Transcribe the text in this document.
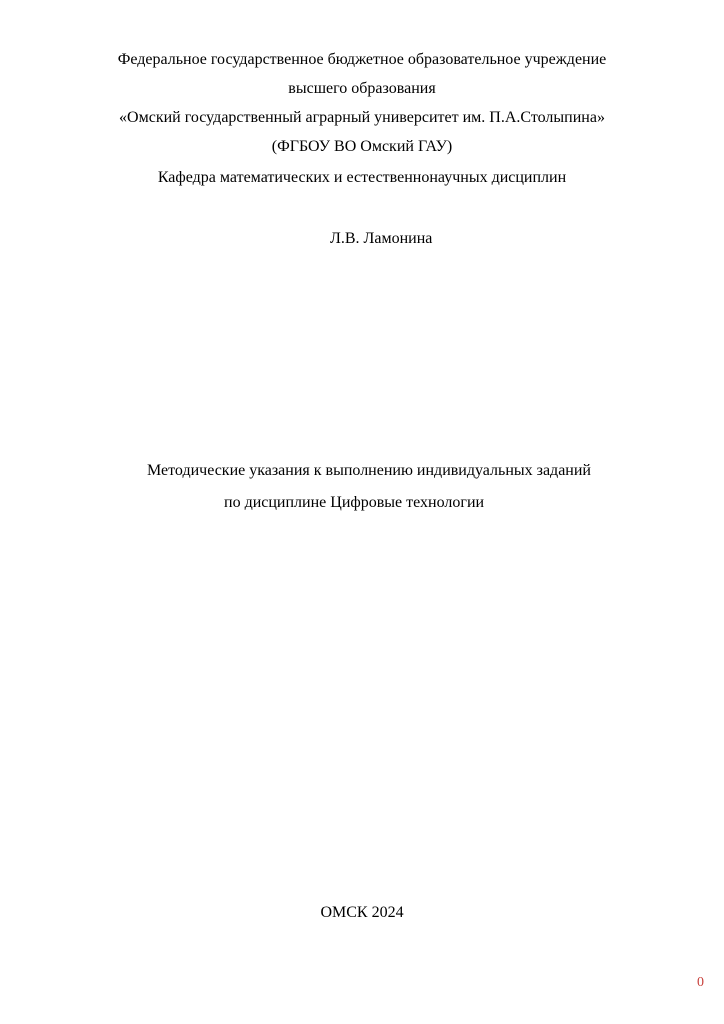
Федеральное государственное бюджетное образовательное учреждение
высшего образования
«Омский государственный аграрный университет им. П.А.Столыпина»
(ФГБОУ ВО Омский ГАУ)
Кафедра математических и естественнонаучных дисциплин
Л.В. Ламонина
Методические указания к выполнению индивидуальных заданий
по дисциплине Цифровые технологии
ОМСК 2024
0
